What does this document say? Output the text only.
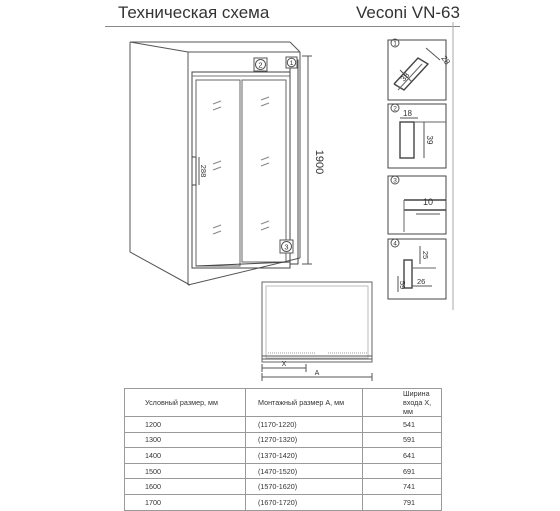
Техническая схема	Veconi VN-63
1900
288
2	1
3
X
A
1
28
38
2 18
39
3
10
4
25
59 26
Условный размер, мм	Монтажный размер А, мм	Ширина входа Х, мм
1200	(1170-1220)	541
1300	(1270-1320)	591
1400	(1370-1420)	641
1500	(1470-1520)	691
1600	(1570-1620)	741
1700	(1670-1720)	791
